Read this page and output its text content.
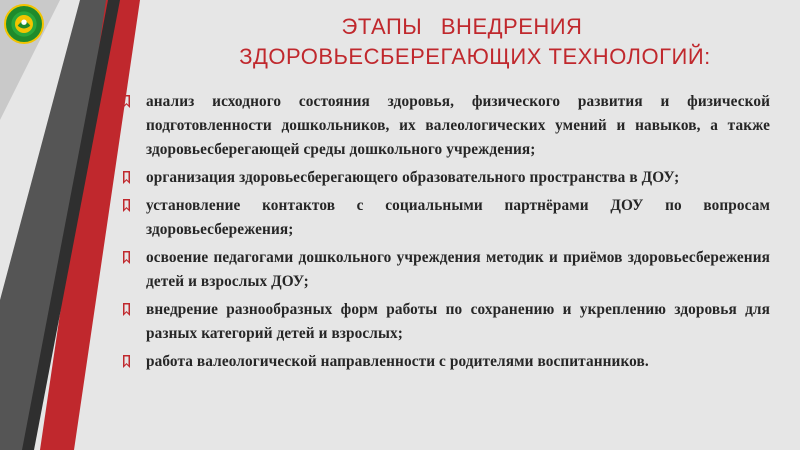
ЭТАПЫ ВНЕДРЕНИЯ
ЗДОРОВЬЕСБЕРЕГАЮЩИХ ТЕХНОЛОГИЙ:
анализ исходного состояния здоровья, физического развития и физической подготовленности дошкольников, их валеологических умений и навыков, а также здоровьесберегающей среды дошкольного учреждения;
организация здоровьесберегающего образовательного пространства в ДОУ;
установление контактов с социальными партнёрами ДОУ по вопросам здоровьесбережения;
освоение педагогами дошкольного учреждения методик и приёмов здоровьесбережения детей и взрослых ДОУ;
внедрение разнообразных форм работы по сохранению и укреплению здоровья для разных категорий детей и взрослых;
работа валеологической направленности с родителями воспитанников.
